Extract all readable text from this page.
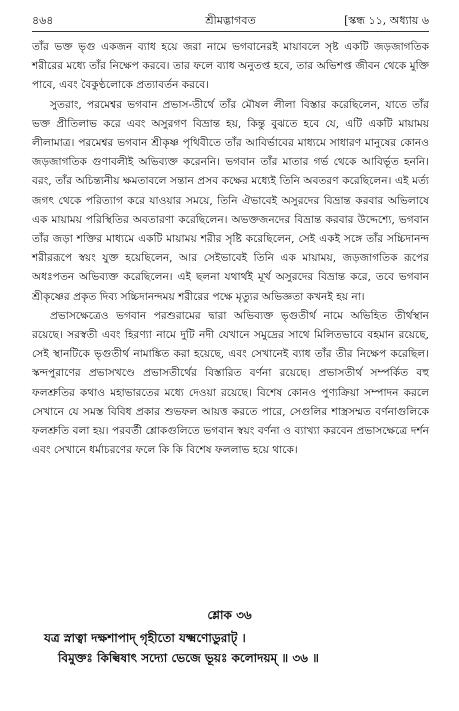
৪৬৪	শ্রীমদ্ভাগবত	[স্কন্ধ ১১, অধ্যায় ৬

তাঁর ভক্ত ভৃগু একজন ব্যাধ হয়ে জরা নামে ভগবানেরই মায়াবলে সৃষ্ট একটি জড়জাগতিক শরীরের মধ্যে তাঁর নিক্ষেপ করবে। তার ফলে ব্যাধ অনুতপ্ত হবে, তার অভিশপ্ত জীবন থেকে মুক্তি পাবে, এবং বৈকুণ্ঠলোকে প্রত্যাবর্তন করবে।

সুতরাং, পরমেশ্বর ভগবান প্রভাস-তীর্থে তাঁর মৌষল লীলা বিস্তার করেছিলেন, যাতে তাঁর ভক্ত প্রীতিলাভ করে এবং অসুরগণ বিভ্রান্ত হয়, কিন্তু বুঝতে হবে যে, এটি একটি মায়াময় লীলামাত্র। পরমেশ্বর ভগবান শ্রীকৃষ্ণ পৃথিবীতে তাঁর আবির্ভাবের মাধ্যমে সাধারণ মানুষের কোনও জড়জাগতিক গুণাবলীই অভিব্যক্ত করেননি। ভগবান তাঁর মাতার গর্ভ থেকে আবির্ভূত হননি। বরং, তাঁর অচিন্ত্যনীয় ক্ষমতাবলে সন্তান প্রসব কক্ষের মধ্যেই তিনি অবতরণ করেছিলেন। এই মর্ত্য জগৎ থেকে পরিত্যাগ করে যাওয়ার সময়ে, তিনি ঐভাবেই অসুরদের বিভ্রান্ত করবার অভিলাষে এক মায়াময় পরিস্থিতির অবতারণা করেছিলেন। অভক্তজনদের বিভ্রান্ত করবার উদ্দেশ্যে, ভগবান তাঁর জড়া শক্তির মাধ্যমে একটি মায়াময় শরীর সৃষ্টি করেছিলেন, সেই একই সঙ্গে তাঁর সচ্চিদানন্দ শরীররূপে স্বয়ং যুক্ত হয়েছিলেন, আর সেইভাবেই তিনি এক মায়াময়, জড়জাগতিক রূপের অধঃপতন অভিব্যক্ত করেছিলেন। এই ছলনা যথার্থই মূর্খ অসুরদের বিভ্রান্ত করে, তবে ভগবান শ্রীকৃষ্ণের প্রকৃত দিব্য সচ্চিদানন্দময় শরীরের পক্ষে মৃত্যুর অভিজ্ঞতা কখনই হয় না।

প্রভাসক্ষেত্রেও ভগবান পরশুরামের দ্বারা অভিব্যক্ত ভৃগুতীর্থ নামে অভিহিত তীর্থস্থান রয়েছে। সরস্বতী এবং হিরণ্যা নামে দুটি নদী যেখানে সমুদ্রের সাথে মিলিতভাবে বহমান রয়েছে, সেই স্থানটিকে ভৃগুতীর্থ নামাঙ্কিত করা হয়েছে, এবং সেখানেই ব্যাধ তাঁর তীর নিক্ষেপ করেছিল। স্কন্দপুরাণের প্রভাসখণ্ডে প্রভাসতীর্থের বিস্তারিত বর্ণনা রয়েছে। প্রভাসতীর্থ সম্পর্কিত বহু ফলশ্রুতির কথাও মহাভারতের মধ্যে দেওয়া রয়েছে। বিশেষ কোনও পুণ্যক্রিয়া সম্পাদন করলে সেখানে যে সমস্ত বিবিধ প্রকার শুভফল আয়ত্ত করতে পারে, সেগুলির শাস্ত্রসম্মত বর্ণনাগুলিকে ফলশ্রুতি বলা হয়। পরবর্তী শ্লোকগুলিতে ভগবান স্বয়ং বর্ণনা ও ব্যাখ্যা করবেন প্রভাসক্ষেত্রে দর্শন এবং সেখানে ধর্মাচরণের ফলে কি কি বিশেষ ফললাভ হয়ে থাকে।

শ্লোক ৩৬
যত্র স্নাত্বা দক্ষশাপাদ্ গৃহীতো যক্ষ্মণোডুরাট্ ।
বিমুক্তঃ কিল্বিষাৎ সদ্যো ভেজে ভূয়ঃ কলোদয়ম্ ॥ ৩৬ ॥
